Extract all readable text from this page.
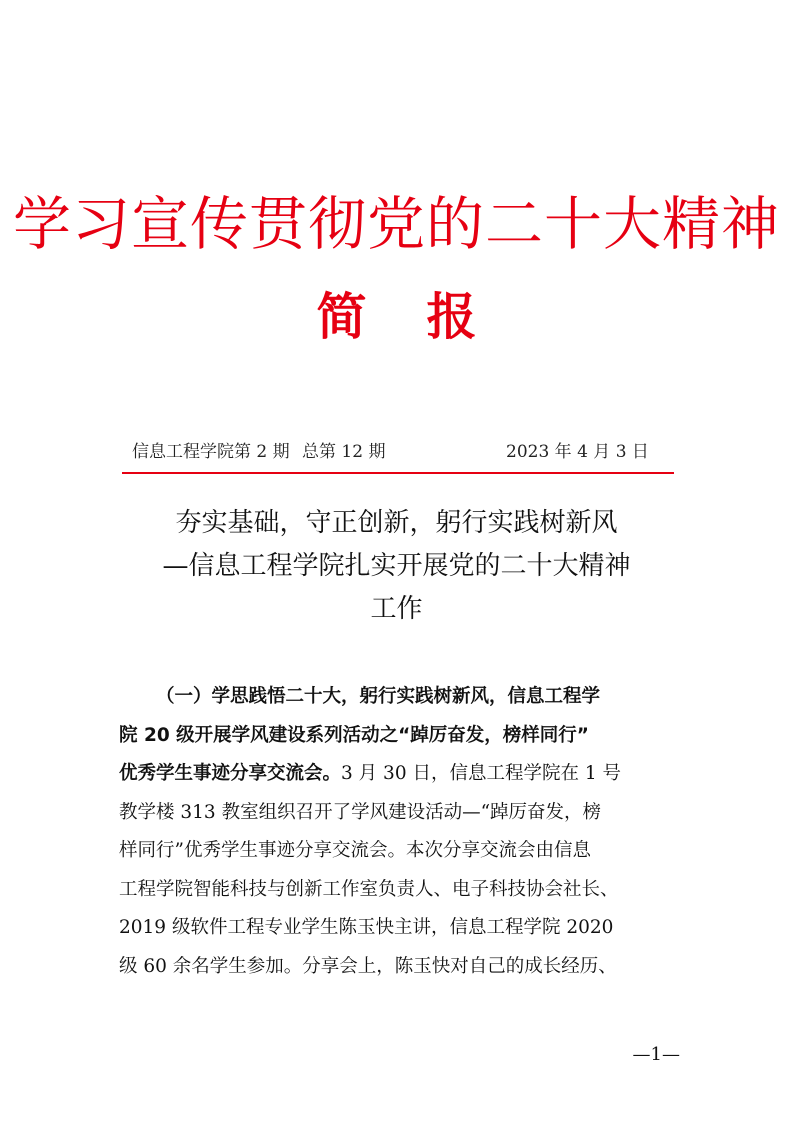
学习宣传贯彻党的二十大精神
简报
信息工程学院第 2 期 总第 12 期	2023 年 4 月 3 日
夯实基础，守正创新，躬行实践树新风
—信息工程学院扎实开展党的二十大精神
工作
（一）学思践悟二十大，躬行实践树新风，信息工程学
院 20 级开展学风建设系列活动之“踔厉奋发，榜样同行”
优秀学生事迹分享交流会。3 月 30 日，信息工程学院在 1 号
教学楼 313 教室组织召开了学风建设活动—“踔厉奋发，榜
样同行”优秀学生事迹分享交流会。本次分享交流会由信息
工程学院智能科技与创新工作室负责人、电子科技协会社长、
2019 级软件工程专业学生陈玉快主讲，信息工程学院 2020
级 60 余名学生参加。分享会上，陈玉快对自己的成长经历、
—1—
